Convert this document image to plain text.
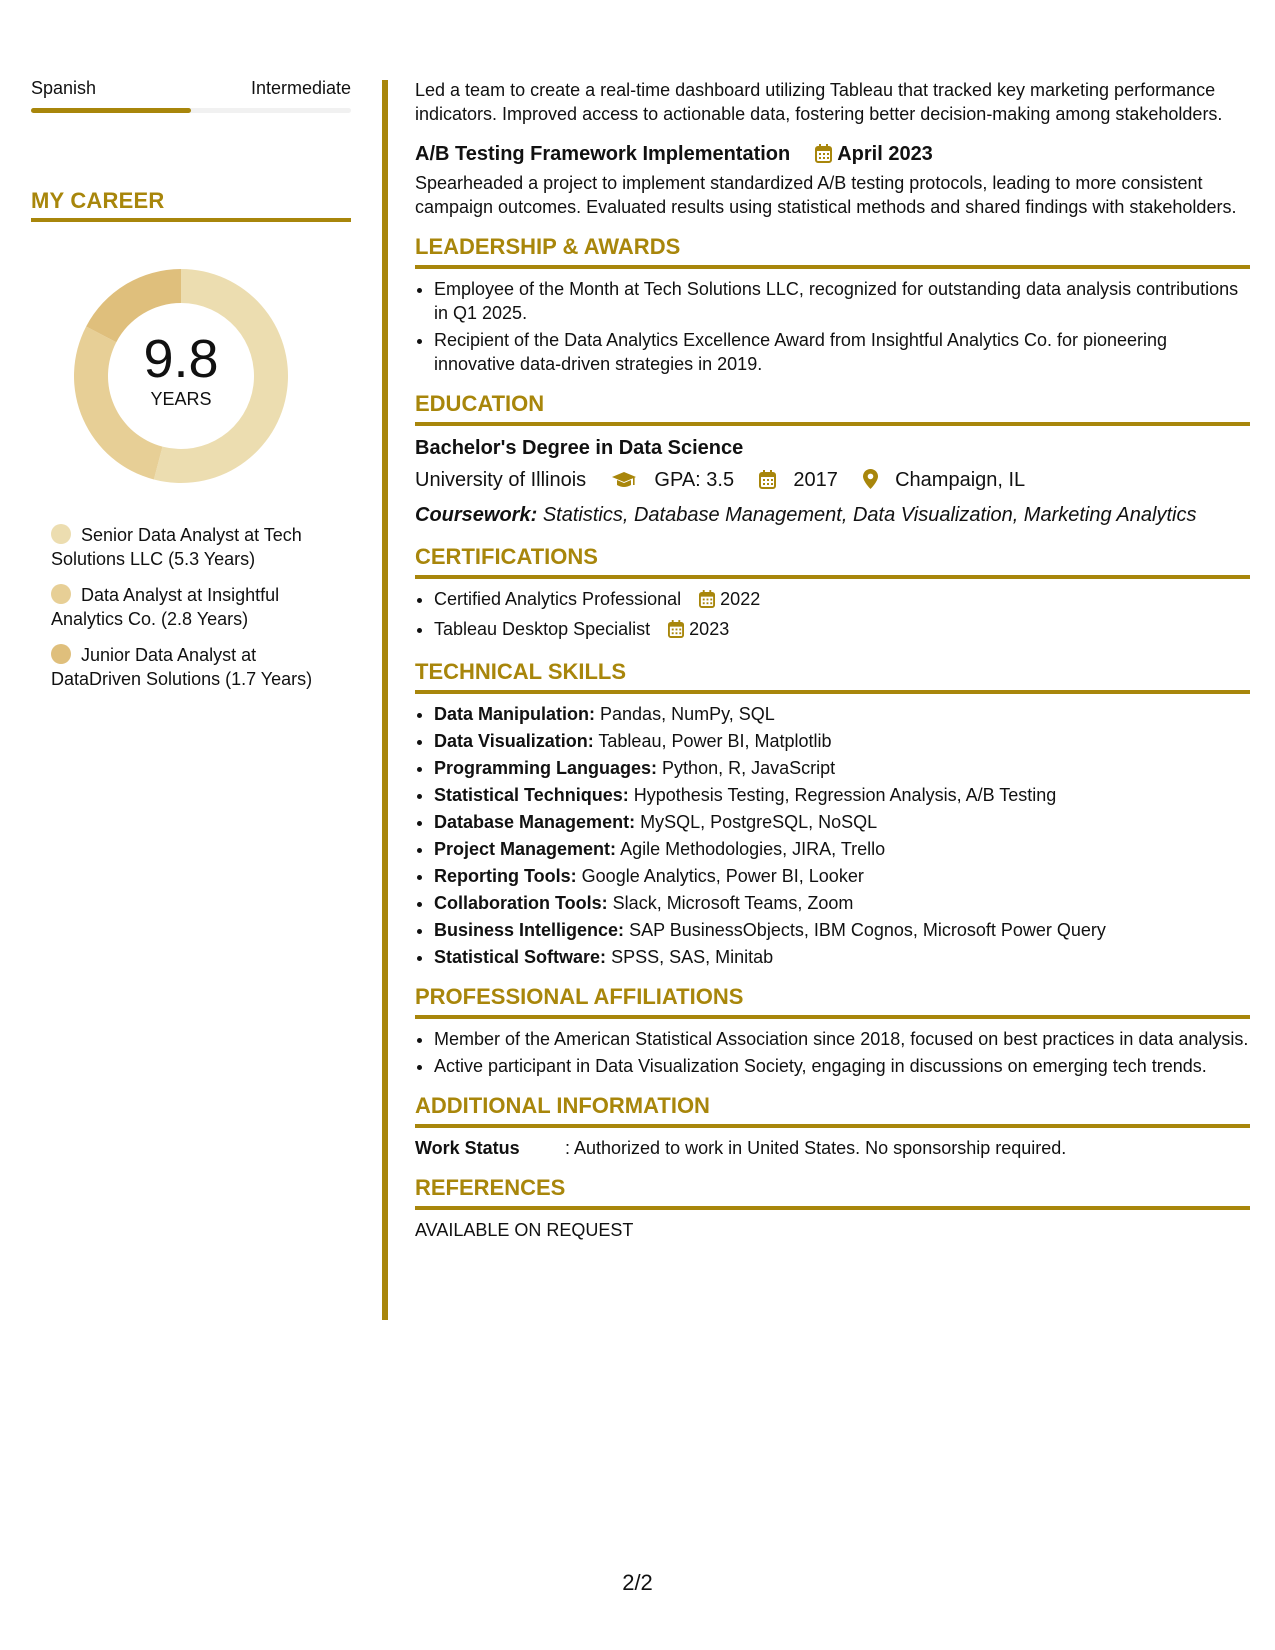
Spanish	Intermediate
MY CAREER
9.8
YEARS
Senior Data Analyst at Tech Solutions LLC (5.3 Years)
Data Analyst at Insightful Analytics Co. (2.8 Years)
Junior Data Analyst at DataDriven Solutions (1.7 Years)
Led a team to create a real-time dashboard utilizing Tableau that tracked key marketing performance indicators. Improved access to actionable data, fostering better decision-making among stakeholders.
A/B Testing Framework Implementation April 2023
Spearheaded a project to implement standardized A/B testing protocols, leading to more consistent campaign outcomes. Evaluated results using statistical methods and shared findings with stakeholders.
LEADERSHIP & AWARDS
• Employee of the Month at Tech Solutions LLC, recognized for outstanding data analysis contributions in Q1 2025.
• Recipient of the Data Analytics Excellence Award from Insightful Analytics Co. for pioneering innovative data-driven strategies in 2019.
EDUCATION
Bachelor's Degree in Data Science
University of Illinois	GPA: 3.5	2017	Champaign, IL
Coursework: Statistics, Database Management, Data Visualization, Marketing Analytics
CERTIFICATIONS
• Certified Analytics Professional 2022
• Tableau Desktop Specialist 2023
TECHNICAL SKILLS
• Data Manipulation: Pandas, NumPy, SQL
• Data Visualization: Tableau, Power BI, Matplotlib
• Programming Languages: Python, R, JavaScript
• Statistical Techniques: Hypothesis Testing, Regression Analysis, A/B Testing
• Database Management: MySQL, PostgreSQL, NoSQL
• Project Management: Agile Methodologies, JIRA, Trello
• Reporting Tools: Google Analytics, Power BI, Looker
• Collaboration Tools: Slack, Microsoft Teams, Zoom
• Business Intelligence: SAP BusinessObjects, IBM Cognos, Microsoft Power Query
• Statistical Software: SPSS, SAS, Minitab
PROFESSIONAL AFFILIATIONS
• Member of the American Statistical Association since 2018, focused on best practices in data analysis.
• Active participant in Data Visualization Society, engaging in discussions on emerging tech trends.
ADDITIONAL INFORMATION
Work Status	: Authorized to work in United States. No sponsorship required.
REFERENCES
AVAILABLE ON REQUEST
2/2
